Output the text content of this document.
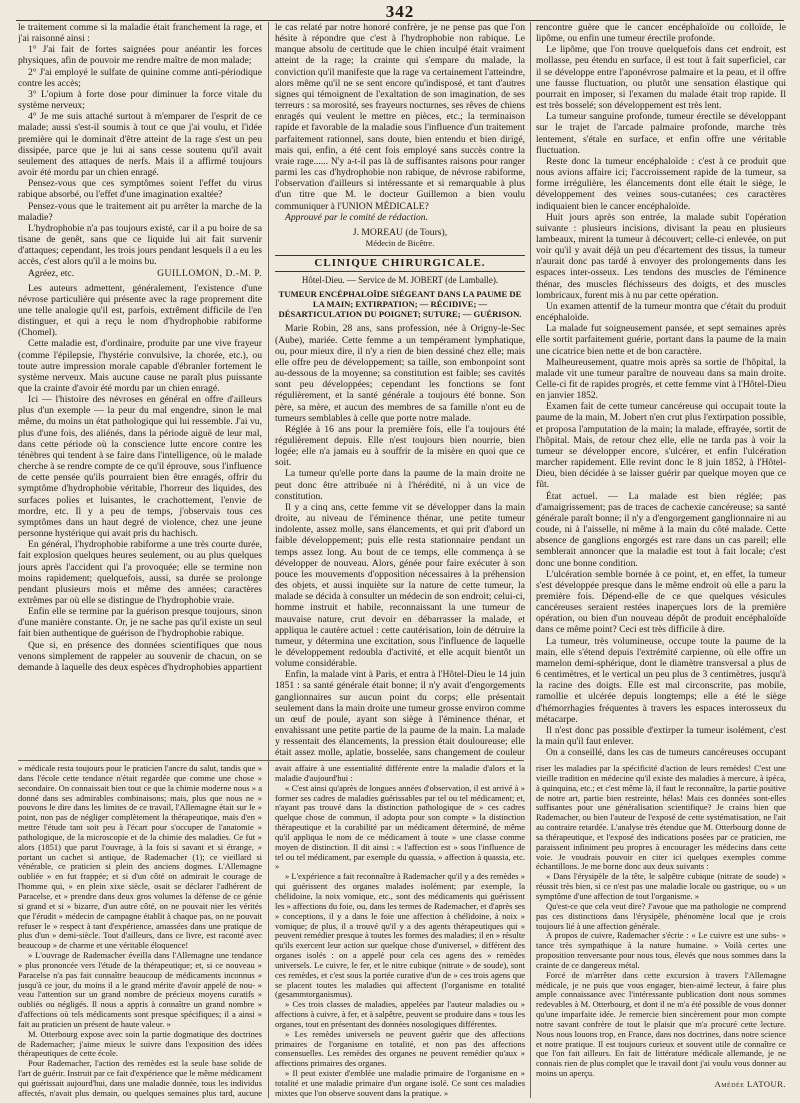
342

le traitement comme si la maladie était franchement la rage, et j'ai raisonné ainsi :

1° J'ai fait de fortes saignées pour anéantir les forces physiques, afin de pouvoir me rendre maître de mon malade;

2° J'ai employé le sulfate de quinine comme anti-périodique contre les accès;

3° L'opium à forte dose pour diminuer la force vitale du système nerveux;

4° Je me suis attaché surtout à m'emparer de l'esprit de ce malade; aussi s'est-il soumis à tout ce que j'ai voulu, et l'idée première qui le dominait d'être atteint de la rage s'est un peu dissipée, parce que je lui ai sans cesse soutenu qu'il avait seulement des attaques de nerfs. Mais il a affirmé toujours avoir été mordu par un chien enragé.

Pensez-vous que ces symptômes soient l'effet du virus rabique absorbé, ou l'effet d'une imagination exaltée?

Pensez-vous que le traitement ait pu arrêter la marche de la maladie?

L'hydrophobie n'a pas toujours existé, car il a pu boire de sa tisane de genêt, sans que ce liquide lui ait fait survenir d'attaques; cependant, les trois jours pendant lesquels il a eu les accès, c'est alors qu'il a le moins bu.

Agréez, etc.	GUILLOMON, D.-M. P.

Les auteurs admettent, généralement, l'existence d'une névrose particulière qui présente avec la rage proprement dite une telle analogie qu'il est, parfois, extrêment difficile de l'en distinguer, et qui a reçu le nom d'hydrophobie rabiforme (Chomel).

Cette maladie est, d'ordinaire, produite par une vive frayeur (comme l'épilepsie, l'hystérie convulsive, la chorée, etc.), ou toute autre impression morale capable d'ébranler fortement le système nerveux. Mais aucune cause ne paraît plus puissante que la crainte d'avoir été mordu par un chien enragé.

Ici — l'histoire des névroses en général en offre d'ailleurs plus d'un exemple — la peur du mal engendre, sinon le mal même, du moins un état pathologique qui lui ressemble. J'ai vu, plus d'une fois, des aliénés, dans la période aiguë de leur mal, dans cette période où la conscience lutte encore contre les ténèbres qui tendent à se faire dans l'intelligence, où le malade cherche à se rendre compte de ce qu'il éprouve, sous l'influence de cette pensée qu'ils pourraient bien être enragés, offrir du symptôme d'hydrophobie véritable, l'horreur des liquides, des surfaces polies et luisantes, le crachottement, l'envie de mordre, etc. Il y a peu de temps, j'observais tous ces symptômes dans un haut degré de violence, chez une jeune personne hystérique qui avait pris du hachisch.

En général, l'hydrophobie rabiforme a une très courte durée, fait explosion quelques heures seulement, ou au plus quelques jours après l'accident qui l'a provoquée; elle se termine non moins rapidement; quelquefois, aussi, sa durée se prolonge pendant plusieurs mois et même des années; caractères extrêmes par où elle se distingue de l'hydrophobie vraie.

Enfin elle se termine par la guérison presque toujours, sinon d'une manière constante. Or, je ne sache pas qu'il existe un seul fait bien authentique de guérison de l'hydrophobie rabique.

Que si, en présence des données scientifiques que nous venons simplement de rappeler au souvenir de chacun, on se demande à laquelle des deux espèces d'hydrophobies appartient

le cas relaté par notre honoré confrère, je ne pense pas que l'on hésite à répondre que c'est à l'hydrophobie non rabique. Le manque absolu de certitude que le chien inculpé était vraiment atteint de la rage; la crainte qui s'empare du malade, la conviction qu'il manifeste que la rage va certainement l'atteindre, alors même qu'il ne se sent encore qu'indisposé, et tant d'autres signes qui témoignent de l'exaltation de son imagination, de ses terreurs : sa morosité, ses frayeurs nocturnes, ses rêves de chiens enragés qui veulent le mettre en pièces, etc.; la terminaison rapide et favorable de la maladie sous l'influence d'un traitement parfaitement rationnel, sans doute, bien entendu et bien dirigé, mais qui, enfin, a été cent fois employé sans succès contre la vraie rage...... N'y a-t-il pas là de suffisantes raisons pour ranger parmi les cas d'hydrophobie non rabique, de névrose rabiforme, l'observation d'ailleurs si intéressante et si remarquable à plus d'un titre que M. le docteur Guillemon a bien voulu communiquer à l'UNION MÉDICALE?

Approuvé par le comité de rédaction.

J. MOREAU (de Tours),
Médecin de Bicêtre.
CLINIQUE CHIRURGICALE.
Hôtel-Dieu. — Service de M. JOBERT (de Lamballe).
TUMEUR ENCÉPHALOÏDE SIÉGEANT DANS LA PAUME DE LA MAIN; EXTIRPATION; — RÉCIDIVE; — DÉSARTICULATION DU POIGNET; SUTURE; — GUÉRISON.

Marie Robin, 28 ans, sans profession, née à Origny-le-Sec (Aube), mariée. Cette femme a un tempérament lymphatique, ou, pour mieux dire, il n'y a rien de bien dessiné chez elle; mais elle offre peu de développement; sa taille, son embonpoint sont au-dessous de la moyenne; sa constitution est faible; ses cavités sont peu développées; cependant les fonctions se font régulièrement, et la santé générale a toujours été bonne. Son père, sa mère, et aucun des membres de sa famille n'ont eu de tumeurs semblables à celle que porte notre malade.

Réglée à 16 ans pour la première fois, elle l'a toujours été régulièrement depuis. Elle n'est toujours bien nourrie, bien logée; elle n'a jamais eu à souffrir de la misère en quoi que ce soit.

La tumeur qu'elle porte dans la paume de la main droite ne peut donc être attribuée ni à l'hérédité, ni à un vice de constitution.

Il y a cinq ans, cette femme vit se développer dans la main droite, au niveau de l'éminence thénar, une petite tumeur indolente, assez molle, sans élancements, et qui prit d'abord un faible développement; puis elle resta stationnaire pendant un temps assez long. Au bout de ce temps, elle commença à se développer de nouveau. Alors, génée pour faire exécuter à son pouce les mouvements d'opposition nécessaires à la préhension des objets, et aussi inquiète sur la nature de cette tumeur, la malade se décida à consulter un médecin de son endroit; celui-ci, homme instruit et habile, reconnaissant la une tumeur de mauvaise nature, crut devoir en débarrasser la malade, et appliqua le cautère actuel : cette cautérisation, loin de détruire la tumeur, y détermina une excitation, sous l'influence de laquelle le développement redoubla d'activité, et elle acquit bientôt un volume considérable.

Enfin, la malade vint à Paris, et entra à l'Hôtel-Dieu le 14 juin 1851 : sa santé générale était bonne; il n'y avait d'engorgements ganglionnaires sur aucun point du corps; elle présentait seulement dans la main droite une tumeur grosse environ comme un œuf de poule, ayant son siège à l'éminence thénar, et envahissant une petite partie de la paume de la main. La malade y ressentait des élancements, la pression était douloureuse; elle était assez molle, aplatie, bosselée, sans changement de couleur

rencontre guère que le cancer encéphaloïde ou colloïde, le lipôme, ou enfin une tumeur érectile profonde.

Le lipôme, que l'on trouve quelquefois dans cet endroit, est mollasse, peu étendu en surface, il est tout à fait superficiel, car il se développe entre l'aponévrose palmaire et la peau, et il offre une fausse fluctuation, ou plutôt une sensation élastique qui pourrait en imposer, si l'examen du malade était trop rapide. Il est très bosselé; son développement est très lent.

La tumeur sanguine profonde, tumeur érectile se développant sur le trajet de l'arcade palmaire profonde, marche très lentement, s'étale en surface, et enfin offre une véritable fluctuation.

Reste donc la tumeur encéphaloïde : c'est à ce produit que nous avions affaire ici; l'accroissement rapide de la tumeur, sa forme irrégulière, les élancements dont elle était le siège, le développement des veines sous-cutanées; ces caractères indiquaient bien le cancer encéphaloïde.

Huit jours après son entrée, la malade subit l'opération suivante : plusieurs incisions, divisant la peau en plusieurs lambeaux, mirent la tumeur à découvert; celle-ci enlevée, on put voir qu'il y avait déjà un peu d'écartement des tissus, la tumeur n'aurait donc pas tardé à envoyer des prolongements dans les espaces inter-osseux. Les tendons des muscles de l'éminence thénar, des muscles fléchisseurs des doigts, et des muscles lombricaux, furent mis à nu par cette opération.

Un examen attentif de la tumeur montra que c'était du produit encéphaloïde.

La malade fut soigneusement pansée, et sept semaines après elle sortit parfaitement guérie, portant dans la paume de la main une cicatrice bien nette et de bon caractère.

Malheureusement, quatre mois après sa sortie de l'hôpital, la malade vit une tumeur paraître de nouveau dans sa main droite. Celle-ci fit de rapides progrès, et cette femme vint à l'Hôtel-Dieu en janvier 1852.

Examen fait de cette tumeur cancéreuse qui occupait toute la paume de la main, M. Jobert n'en crut plus l'extirpation possible, et proposa l'amputation de la main; la malade, effrayée, sortit de l'hôpital. Mais, de retour chez elle, elle ne tarda pas à voir la tumeur se développer encore, s'ulcérer, et enfin l'ulcération marcher rapidement. Elle revint donc le 8 juin 1852, à l'Hôtel-Dieu, bien décidée à se laisser guérir par quelque moyen que ce fût.

État actuel. — La malade est bien réglée; pas d'amaigrissement; pas de traces de cachexie cancéreuse; sa santé générale paraît bonne; il n'y a d'engorgement ganglionnaire ni au coude, ni à l'aisselle, ni même à la main du côté malade. Cette absence de ganglions engorgés est rare dans un cas pareil; elle semblerait annoncer que la maladie est tout à fait locale; c'est donc une bonne condition.

L'ulcération semble bornée à ce point, et, en effet, la tumeur s'est développée presque dans le même endroit où elle a paru la première fois. Dépend-elle de ce que quelques vésicules cancéreuses seraient restées inaperçues lors de la première opération, ou bien d'un nouveau dépôt de produit encéphaloïde dans ce même point? Ceci est très difficile à dire.

La tumeur, très volumineuse, occupe toute la paume de la main, elle s'étend depuis l'extrémité carpienne, où elle offre un mamelon demi-sphérique, dont le diamètre transversal a plus de 6 centimètres, et le vertical un peu plus de 3 centimètres, jusqu'à la racine des doigts. Elle est mal circonscrite, pas mobile, ramollie et ulcérée depuis longtemps; elle a été le siège d'hémorrhagies fréquentes à travers les espaces interosseux du métacarpe.

Il n'est donc pas possible d'extirper la tumeur isolément, c'est la main qu'il faut enlever.

On a conseillé, dans les cas de tumeurs cancéreuses occupant

» médicale resta toujours pour le praticien l'ancre du salut, tandis que » dans l'école cette tendance n'était regardée que comme une chose » secondaire. On connaissait bien tout ce que la chimie moderne nous » a donné dans ses admirables combinaisons; mais, plus que nous ne » pouvons le dire dans les limites de ce travail, l'Allemagne était sur le » point, non pas de négliger complètement la thérapeutique, mais d'en » mettre l'étude tant soit peu à l'écart pour s'occuper de l'anatomie » pathologique, de la microscopie et de la chimie des maladies. Ce fut » alors (1851) que parut l'ouvrage, à la fois si savant et si étrange, » portant un cachet si antique, de Rademacher (1); ce vieillard si vénérable, ce praticien si plein des anciens dogmes. L'Allemagne oubliée » en fut frappée; et si d'un côté on admirait le courage de l'homme qui, » en plein xixe siècle, osait se déclarer l'adhérent de Paracelse, et » prendre dans deux gros volumes la défense de ce génie si grand et si » bizarre, d'un autre côté, on ne pouvait nier les vérités que l'érudit » médecin de campagne établit à chaque pas, on ne pouvait refuser le » respect à tant d'expérience, amassées dans une pratique de plus d'un » demi-siècle. Tout d'ailleurs, dans ce livre, est raconté avec beaucoup » de charme et une véritable éloquence!

» L'ouvrage de Rademacher éveilla dans l'Allemagne une tendance » plus prononcée vers l'étude de la thérapeutique; et, si ce nouveau » Paracelse n'a pas fait connaître beaucoup de médicaments inconnus » jusqu'à ce jour, du moins il a le grand mérite d'avoir appelé de nou- » veau l'attention sur un grand nombre de précieux moyens curatifs » oubliés ou négligés. Il nous a appris à connaître un grand nombre » d'affections où tels médicaments sont presque spécifiques; il a ainsi » fait au praticien un présent de haute valeur. »

M. Otterbourg expose avec soin la partie dogmatique des doctrines de Rademacher; j'aime mieux le suivre dans l'exposition des idées thérapeutiques de cette école.

Pour Rademacher, l'action des remèdes est la seule base solide de l'art de guérir. Instruit par ce fait d'expérience que le même médicament qui guérissait aujourd'hui, dans une maladie donnée, tous les individus affectés, n'avait plus demain, ou quelques semaines plus tard, aucune

avait affaire à une essentialité différente entre la maladie d'alors et la maladie d'aujourd'hui :

« C'est ainsi qu'après de longues années d'observation, il est arrivé à » former ses cadres de maladies guérissables par tel ou tel médicament; et, n'ayant pas trouvé dans la distinction pathologique de » ces cadres quelque chose de commun, il adopta pour son compte » la distinction thérapeutique et la curabilité par un médicament déterminé, de même qu'il appliqua le nom de ce médicament à toute » une classe comme moyen de distinction. Il dit ainsi : « l'affection est » sous l'influence de tel ou tel médicament, par exemple du quassia, » affection à quassia, etc. »

» L'expérience a fait reconnaître à Rademacher qu'il y a des remèdes » qui guérissent des organes malades isolément; par exemple, la chélidoine, la noix vomique, etc., sont des médicaments qui guérissent les » affections du foie, ou, dans les termes de Rademacher, et d'après ses » conceptions, il y a dans le foie une affection à chélidoine, à noix » vomique; de plus, il a trouvé qu'il y a des agents thérapeutiques qui » peuvent remédier presque à toutes les formes des maladies; il en » résulte qu'ils exercent leur action sur quelque chose d'universel, » différent des organes isolés : on a appelé pour cela ces agens des » remèdes universels. Le cuivre, le fer, et le nitre cubique (nitrate » de soude), sont ces remèdes, et c'est sous la portée curative d'un de » ces trois agens que se placent toutes les maladies qui affectent (l'organisme en totalité (gesammtorganismus).

» Ces trois classes de maladies, appelées par l'auteur maladies ou » affections à cuivre, à fer, et à salpêtre, peuvent se produire dans » tous les organes, tout en présentant des données nosologiques différentes.

» Les remèdes universels ne peuvent guérir que des affections primaires de l'organisme en totalité, et non pas des affections consensuelles. Les remèdes des organes ne peuvent remédier qu'aux » affections primaires des organes.

» Il peut exister d'emblée une maladie primaire de l'organisme en » totalité et une maladie primaire d'un organe isolé. Ce sont ces maladies mixtes que l'on observe souvent dans la pratique. »

riser les maladies par la spécificité d'action de leurs remèdes! C'est une vieille tradition en médecine qu'il existe des maladies à mercure, à ipéca, à quinquina, etc.; et c'est même là, il faut le reconnaître, la partie positive de notre art, partie bien restreinte, hélas! Mais ces données sont-elles suffisantes pour une généralisation scientifique? Je crains bien que Rademacher, ou bien l'auteur de l'exposé de cette systématisation, ne l'ait au contraire retardée. L'analyse très étendue que M. Otterbourg donne de sa thérapeutique, et l'exposé des indications posées par ce praticien, me paraissent infiniment peu propres à encourager les médecins dans cette voie. Je voudrais pouvoir en citer ici quelques exemples comme échantillons. Je me borne donc aux deux suivants :

« Dans l'érysipèle de la tête, le salpêtre cubique (nitrate de soude) » réussit très bien, si ce n'est pas une maladie locale ou gastrique, ou » un symptôme d'une affection de tout l'organisme. »

Qu'est-ce que cela veut dire? J'avoue que ma pathologie ne comprend pas ces distinctions dans l'érysipèle, phénomène local que je crois toujours lié à une affection générale.

A propos de cuivre, Rademacher s'écrie : « Le cuivre est une subs- » tance très sympathique à la nature humaine. » Voilà certes une proposition renversante pour nous tous, élevés que nous sommes dans la crainte de ce dangereux métal.

Forcé de m'arrêter dans cette excursion à travers l'Allemagne médicale, je ne puis que vous engager, bien-aimé lecteur, à faire plus ample connaissance avec l'intéressante publication dont nous sommes redevables à M. Otterbourg, et dont il ne m'a été possible de vous donner qu'une imparfaite idée. Je remercie bien sincèrement pour mon compte notre savant confrère de tout le plaisir que m'a procuré cette lecture. Nous nous louons trop, en France, dans nos doctrines, dans notre science et notre pratique. Il est toujours curieux et souvent utile de connaître ce que l'on fait ailleurs. En fait de littérature médicale allemande, je ne connais rien de plus complet que le travail dont j'ai voulu vous donner au moins un aperçu.

Amédée LATOUR.
